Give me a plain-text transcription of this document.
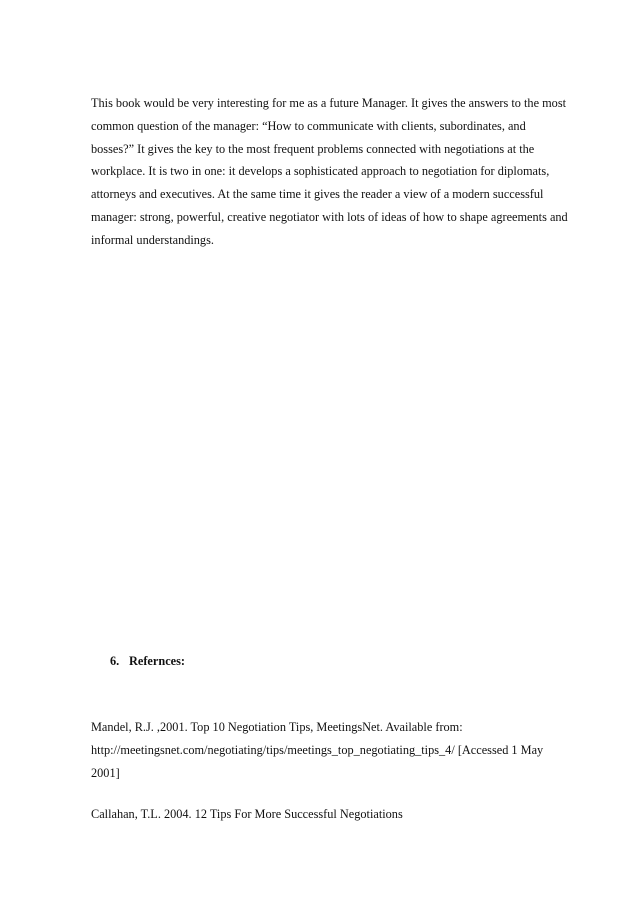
This book would be very interesting for me as a future Manager. It gives the answers to the most
common question of the manager: “How to communicate with clients, subordinates, and
bosses?” It gives the key to the most frequent problems connected with negotiations at the
workplace. It is two in one: it develops a sophisticated approach to negotiation for diplomats,
attorneys and executives. At the same time it gives the reader a view of a modern successful
manager: strong, powerful, creative negotiator with lots of ideas of how to shape agreements and
informal understandings.

6. Refernces:

Mandel, R.J. ,2001. Top 10 Negotiation Tips, MeetingsNet. Available from:
http://meetingsnet.com/negotiating/tips/meetings_top_negotiating_tips_4/ [Accessed 1 May
2001]

Callahan, T.L. 2004. 12 Tips For More Successful Negotiations
